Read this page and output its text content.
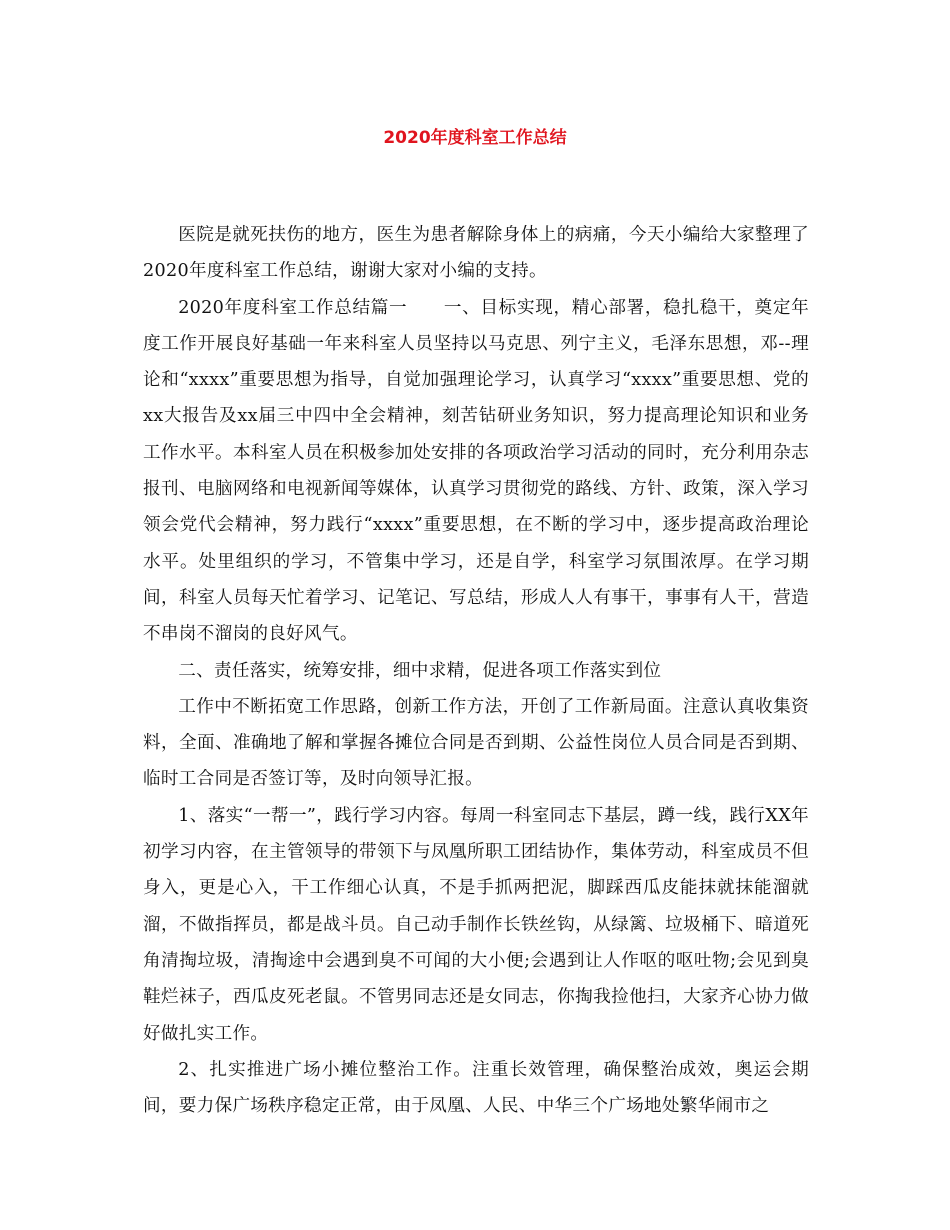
2020年度科室工作总结

医院是就死扶伤的地方，医生为患者解除身体上的病痛，今天小编给大家整理了2020年度科室工作总结，谢谢大家对小编的支持。

2020年度科室工作总结篇一　　一、目标实现，精心部署，稳扎稳干，奠定年度工作开展良好基础一年来科室人员坚持以马克思、列宁主义，毛泽东思想，邓--理论和“xxxx”重要思想为指导，自觉加强理论学习，认真学习“xxxx”重要思想、党的xx大报告及xx届三中四中全会精神，刻苦钻研业务知识，努力提高理论知识和业务工作水平。本科室人员在积极参加处安排的各项政治学习活动的同时，充分利用杂志报刊、电脑网络和电视新闻等媒体，认真学习贯彻党的路线、方针、政策，深入学习领会党代会精神，努力践行“xxxx”重要思想，在不断的学习中，逐步提高政治理论水平。处里组织的学习，不管集中学习，还是自学，科室学习氛围浓厚。在学习期间，科室人员每天忙着学习、记笔记、写总结，形成人人有事干，事事有人干，营造不串岗不溜岗的良好风气。

二、责任落实，统筹安排，细中求精，促进各项工作落实到位

工作中不断拓宽工作思路，创新工作方法，开创了工作新局面。注意认真收集资料，全面、准确地了解和掌握各摊位合同是否到期、公益性岗位人员合同是否到期、临时工合同是否签订等，及时向领导汇报。

1、落实“一帮一”，践行学习内容。每周一科室同志下基层，蹲一线，践行XX年初学习内容，在主管领导的带领下与凤凰所职工团结协作，集体劳动，科室成员不但身入，更是心入，干工作细心认真，不是手抓两把泥，脚踩西瓜皮能抹就抹能溜就溜，不做指挥员，都是战斗员。自己动手制作长铁丝钩，从绿篱、垃圾桶下、暗道死角清掏垃圾，清掏途中会遇到臭不可闻的大小便;会遇到让人作呕的呕吐物;会见到臭鞋烂袜子，西瓜皮死老鼠。不管男同志还是女同志，你掏我捡他扫，大家齐心协力做好做扎实工作。

2、扎实推进广场小摊位整治工作。注重长效管理，确保整治成效，奥运会期间，要力保广场秩序稳定正常，由于凤凰、人民、中华三个广场地处繁华闹市之
